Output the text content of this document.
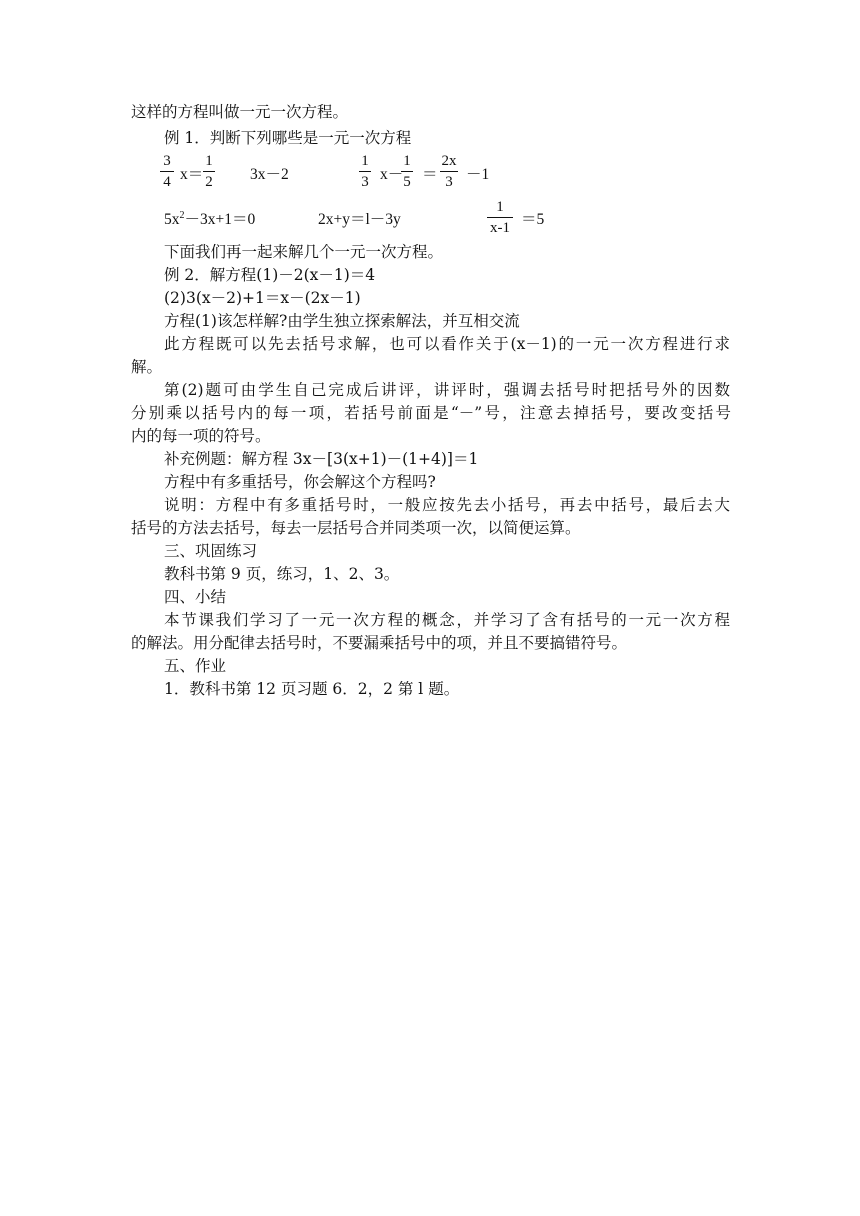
这样的方程叫做一元一次方程。
例 1．判断下列哪些是一元一次方程
3
4 x＝
1
2 3x－2
1
3 x－
1
5 ＝
2x
3 －1
$5x^2-3x+1=0$	2x+y＝l－3y
1
x-1 ＝5
下面我们再一起来解几个一元一次方程。
例 2．解方程(1)－2(x－1)＝4
(2)3(x－2)+1＝x－(2x－1)
方程(1)该怎样解?由学生独立探索解法，并互相交流
此方程既可以先去括号求解，也可以看作关于(x－1)的一元一次方程进行求
解。
第(2)题可由学生自己完成后讲评，讲评时，强调去括号时把括号外的因数
分别乘以括号内的每一项，若括号前面是“－”号，注意去掉括号，要改变括号
内的每一项的符号。
补充例题：解方程 3x－[3(x+1)－(1+4)]＝1
方程中有多重括号，你会解这个方程吗?
说明：方程中有多重括号时，一般应按先去小括号，再去中括号，最后去大
括号的方法去括号，每去一层括号合并同类项一次，以简便运算。
三、巩固练习
教科书第 9 页，练习，1、2、3。
四、小结
本节课我们学习了一元一次方程的概念，并学习了含有括号的一元一次方程
的解法。用分配律去括号时，不要漏乘括号中的项，并且不要搞错符号。
五、作业
1．教科书第 12 页习题 6．2，2 第 l 题。
